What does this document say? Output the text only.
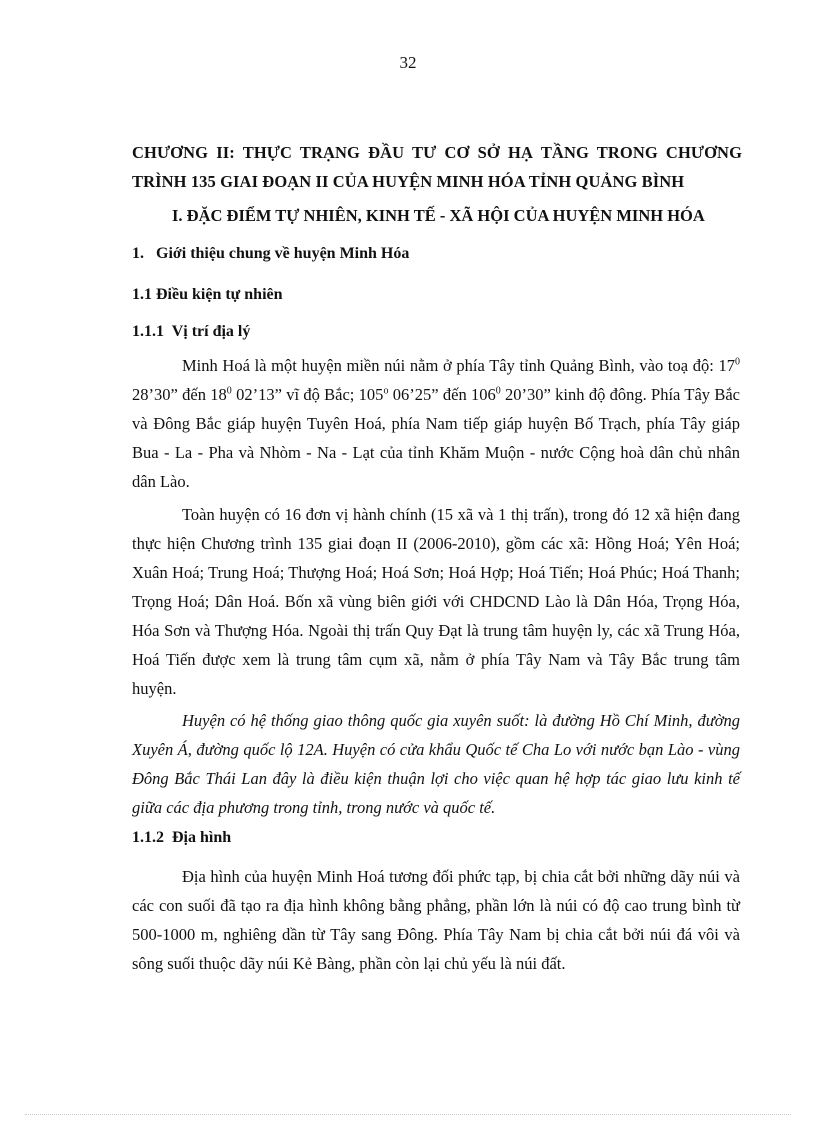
32
CHƯƠNG II: THỰC TRẠNG ĐẦU TƯ CƠ SỞ HẠ TẦNG TRONG CHƯƠNG TRÌNH 135 GIAI ĐOẠN II CỦA HUYỆN MINH HÓA TỈNH QUẢNG BÌNH
I. ĐẶC ĐIỂM TỰ NHIÊN, KINH TẾ - XÃ HỘI CỦA HUYỆN MINH HÓA
1.   Giới thiệu chung về huyện Minh Hóa
1.1 Điều kiện tự nhiên
1.1.1  Vị trí địa lý

Minh Hoá là một huyện miền núi nằm ở phía Tây tỉnh Quảng Bình, vào toạ độ: $17^0$ 28’30” đến $18^0$ 02’13” vĩ độ Bắc; 105$^o$ 06’25” đến $106^0$ 20’30” kinh độ đông. Phía Tây Bắc và Đông Bắc giáp huyện Tuyên Hoá, phía Nam tiếp giáp huyện Bố Trạch, phía Tây giáp Bua - La - Pha và Nhòm - Na - Lạt của tỉnh Khăm Muộn - nước Cộng hoà dân chủ nhân dân Lào.

Toàn huyện có 16 đơn vị hành chính (15 xã và 1 thị trấn), trong đó 12 xã hiện đang thực hiện Chương trình 135 giai đoạn II (2006-2010), gồm các xã: Hồng Hoá; Yên Hoá; Xuân Hoá; Trung Hoá; Thượng Hoá; Hoá Sơn; Hoá Hợp; Hoá Tiến; Hoá Phúc; Hoá Thanh; Trọng Hoá; Dân Hoá. Bốn xã vùng biên giới với CHDCND Lào là Dân Hóa, Trọng Hóa, Hóa Sơn và Thượng Hóa. Ngoài thị trấn Quy Đạt là trung tâm huyện ly, các xã Trung Hóa, Hoá Tiến được xem là trung tâm cụm xã, nằm ở phía Tây Nam và Tây Bắc trung tâm huyện.

Huyện có hệ thống giao thông quốc gia xuyên suốt: là đường Hồ Chí Minh, đường Xuyên Á, đường quốc lộ 12A. Huyện có cửa khẩu Quốc tế Cha Lo với nước bạn Lào - vùng Đông Bắc Thái Lan đây là điều kiện thuận lợi cho việc quan hệ hợp tác giao lưu kinh tế giữa các địa phương trong tỉnh, trong nước và quốc tế.

1.1.2  Địa hình

Địa hình của huyện Minh Hoá tương đối phức tạp, bị chia cắt bởi những dãy núi và các con suối đã tạo ra địa hình không bằng phẳng, phần lớn là núi có độ cao trung bình từ 500-1000 m, nghiêng dần từ Tây sang Đông. Phía Tây Nam bị chia cắt bởi núi đá vôi và sông suối thuộc dãy núi Kẻ Bàng, phần còn lại chủ yếu là núi đất.
